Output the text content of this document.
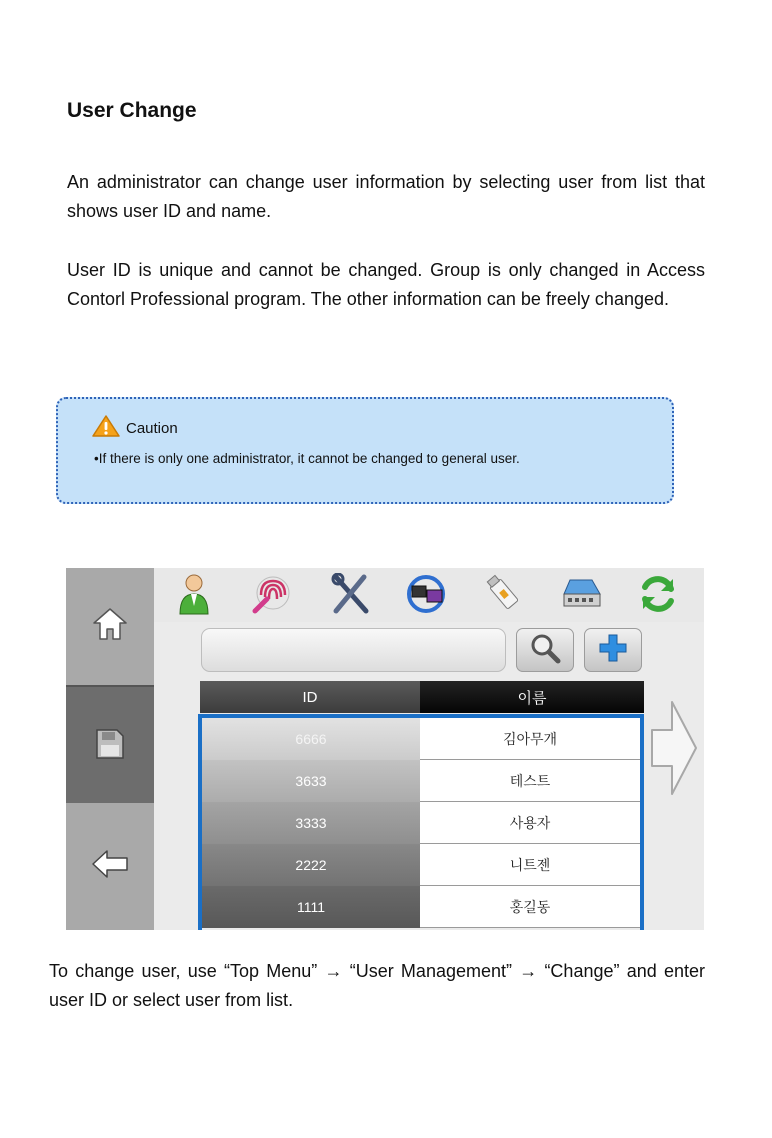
User Change

An administrator can change user information by selecting user from list that shows user ID and name.

User ID is unique and cannot be changed. Group is only changed in Access Contorl Professional program. The other information can be freely changed.

Caution
•If there is only one administrator, it cannot be changed to general user.
ID	이름
6666	김아무개
3633	테스트
3333	사용자
2222	니트젠
1111	홍길동

To change user, use “Top Menu” → “User Management” → “Change” and enter user ID or select user from list.
